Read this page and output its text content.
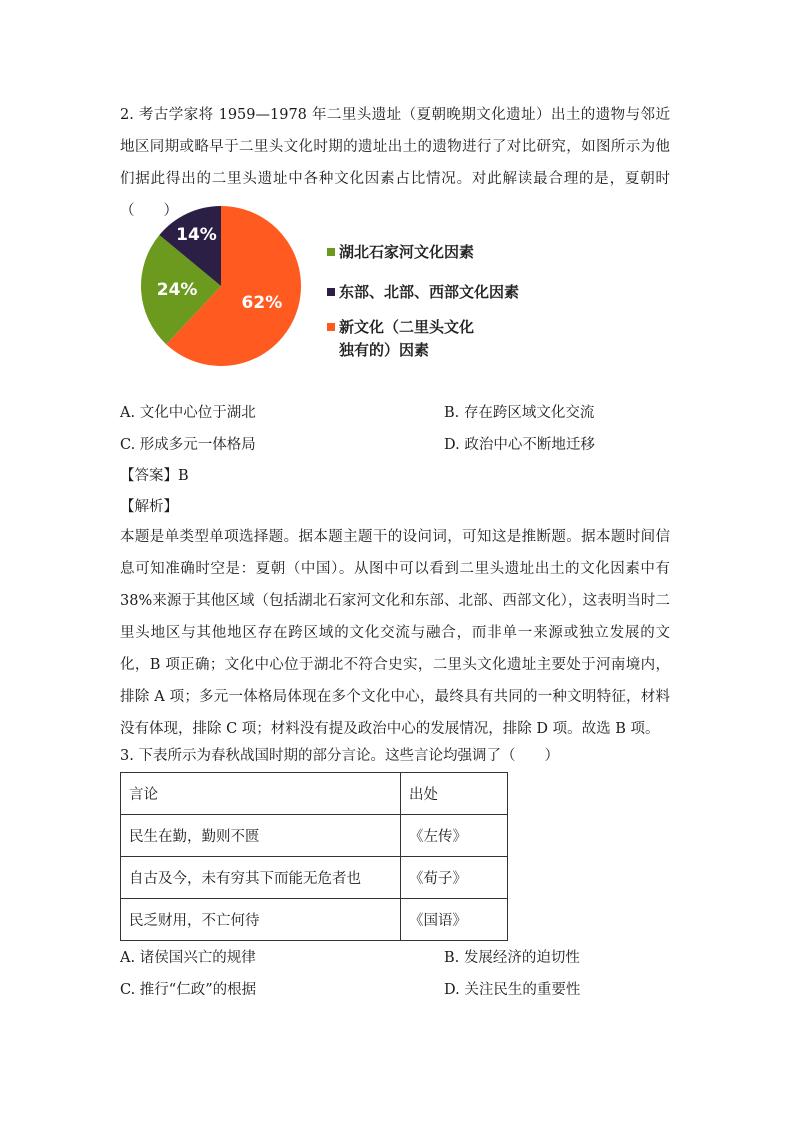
2. 考古学家将 1959—1978 年二里头遗址（夏朝晚期文化遗址）出土的遗物与邻近地区同期或略早于二里头文化时期的遗址出土的遗物进行了对比研究，如图所示为他们据此得出的二里头遗址中各种文化因素占比情况。对此解读最合理的是，夏朝时（　　）

62%
24%
14%
湖北石家河文化因素
东部、北部、西部文化因素
新文化（二里头文化
独有的）因素
A. 文化中心位于湖北	B. 存在跨区域文化交流
C. 形成多元一体格局	D. 政治中心不断地迁移

【答案】B

【解析】

本题是单类型单项选择题。据本题主题干的设问词，可知这是推断题。据本题时间信息可知准确时空是：夏朝（中国）。从图中可以看到二里头遗址出土的文化因素中有 38%来源于其他区域（包括湖北石家河文化和东部、北部、西部文化），这表明当时二里头地区与其他地区存在跨区域的文化交流与融合，而非单一来源或独立发展的文化，B 项正确；文化中心位于湖北不符合史实，二里头文化遗址主要处于河南境内，排除 A 项；多元一体格局体现在多个文化中心，最终具有共同的一种文明特征，材料没有体现，排除 C 项；材料没有提及政治中心的发展情况，排除 D 项。故选 B 项。

3. 下表所示为春秋战国时期的部分言论。这些言论均强调了（　　）

言论	出处
民生在勤，勤则不匮	《左传》
自古及今，未有穷其下而能无危者也	《荀子》
民乏财用，不亡何待	《国语》
A. 诸侯国兴亡的规律	B. 发展经济的迫切性
C. 推行“仁政”的根据	D. 关注民生的重要性
